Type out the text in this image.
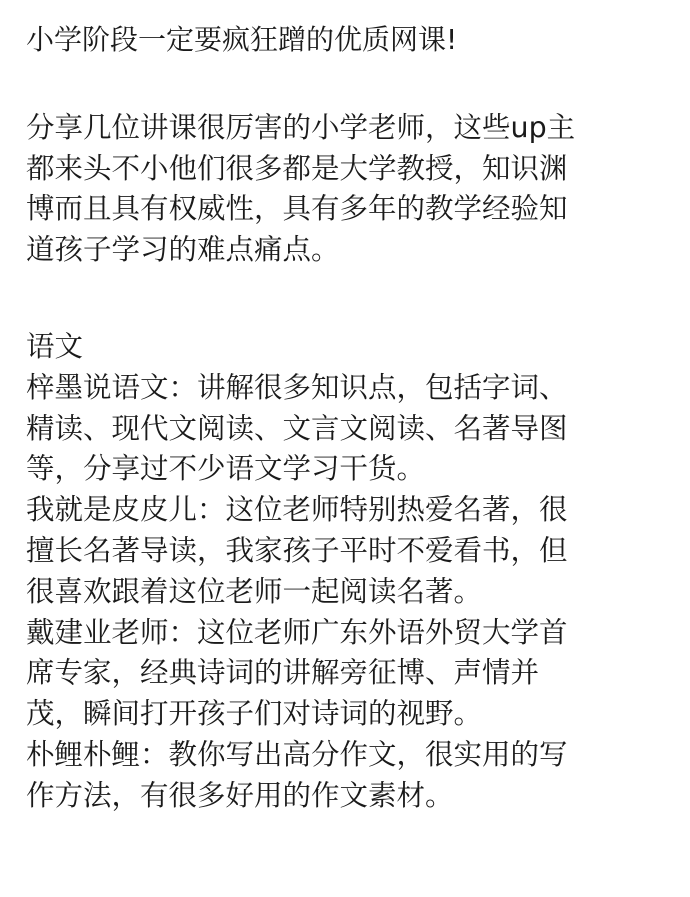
小学阶段一定要疯狂蹭的优质网课!
分享几位讲课很厉害的小学老师，这些up主
都来头不小他们很多都是大学教授，知识渊
博而且具有权威性，具有多年的教学经验知
道孩子学习的难点痛点。
语文
梓墨说语文：讲解很多知识点，包括字词、
精读、现代文阅读、文言文阅读、名著导图
等，分享过不少语文学习干货。
我就是皮皮儿：这位老师特别热爱名著，很
擅长名著导读，我家孩子平时不爱看书，但
很喜欢跟着这位老师一起阅读名著。
戴建业老师：这位老师广东外语外贸大学首
席专家，经典诗词的讲解旁征博、声情并
茂，瞬间打开孩子们对诗词的视野。
朴鲤朴鲤：教你写出高分作文，很实用的写
作方法，有很多好用的作文素材。
